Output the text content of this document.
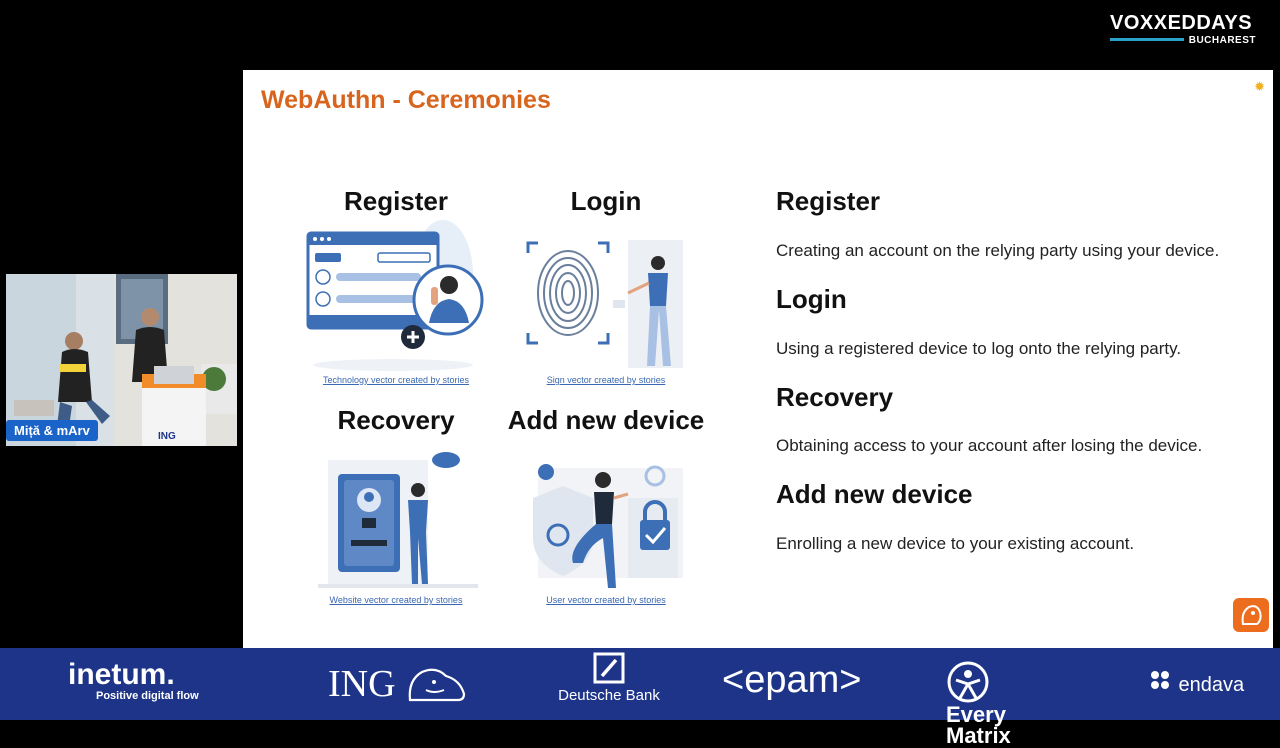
VOXXEDDAYS
BUCHAREST
WebAuthn - Ceremonies	✹
Register
Technology vector created by stories
Login
Sign vector created by stories
Recovery
Website vector created by stories
Add new device
User vector created by stories
Register
Creating an account on the relying party using your device.
Login
Using a registered device to log onto the relying party.
Recovery
Obtaining access to your account after losing the device.
Add new device
Enrolling a new device to your existing account.
ING
Miță & mArv
inetum.
Positive digital flow	ING	Deutsche Bank <epam>
Every
Matrix
endava
